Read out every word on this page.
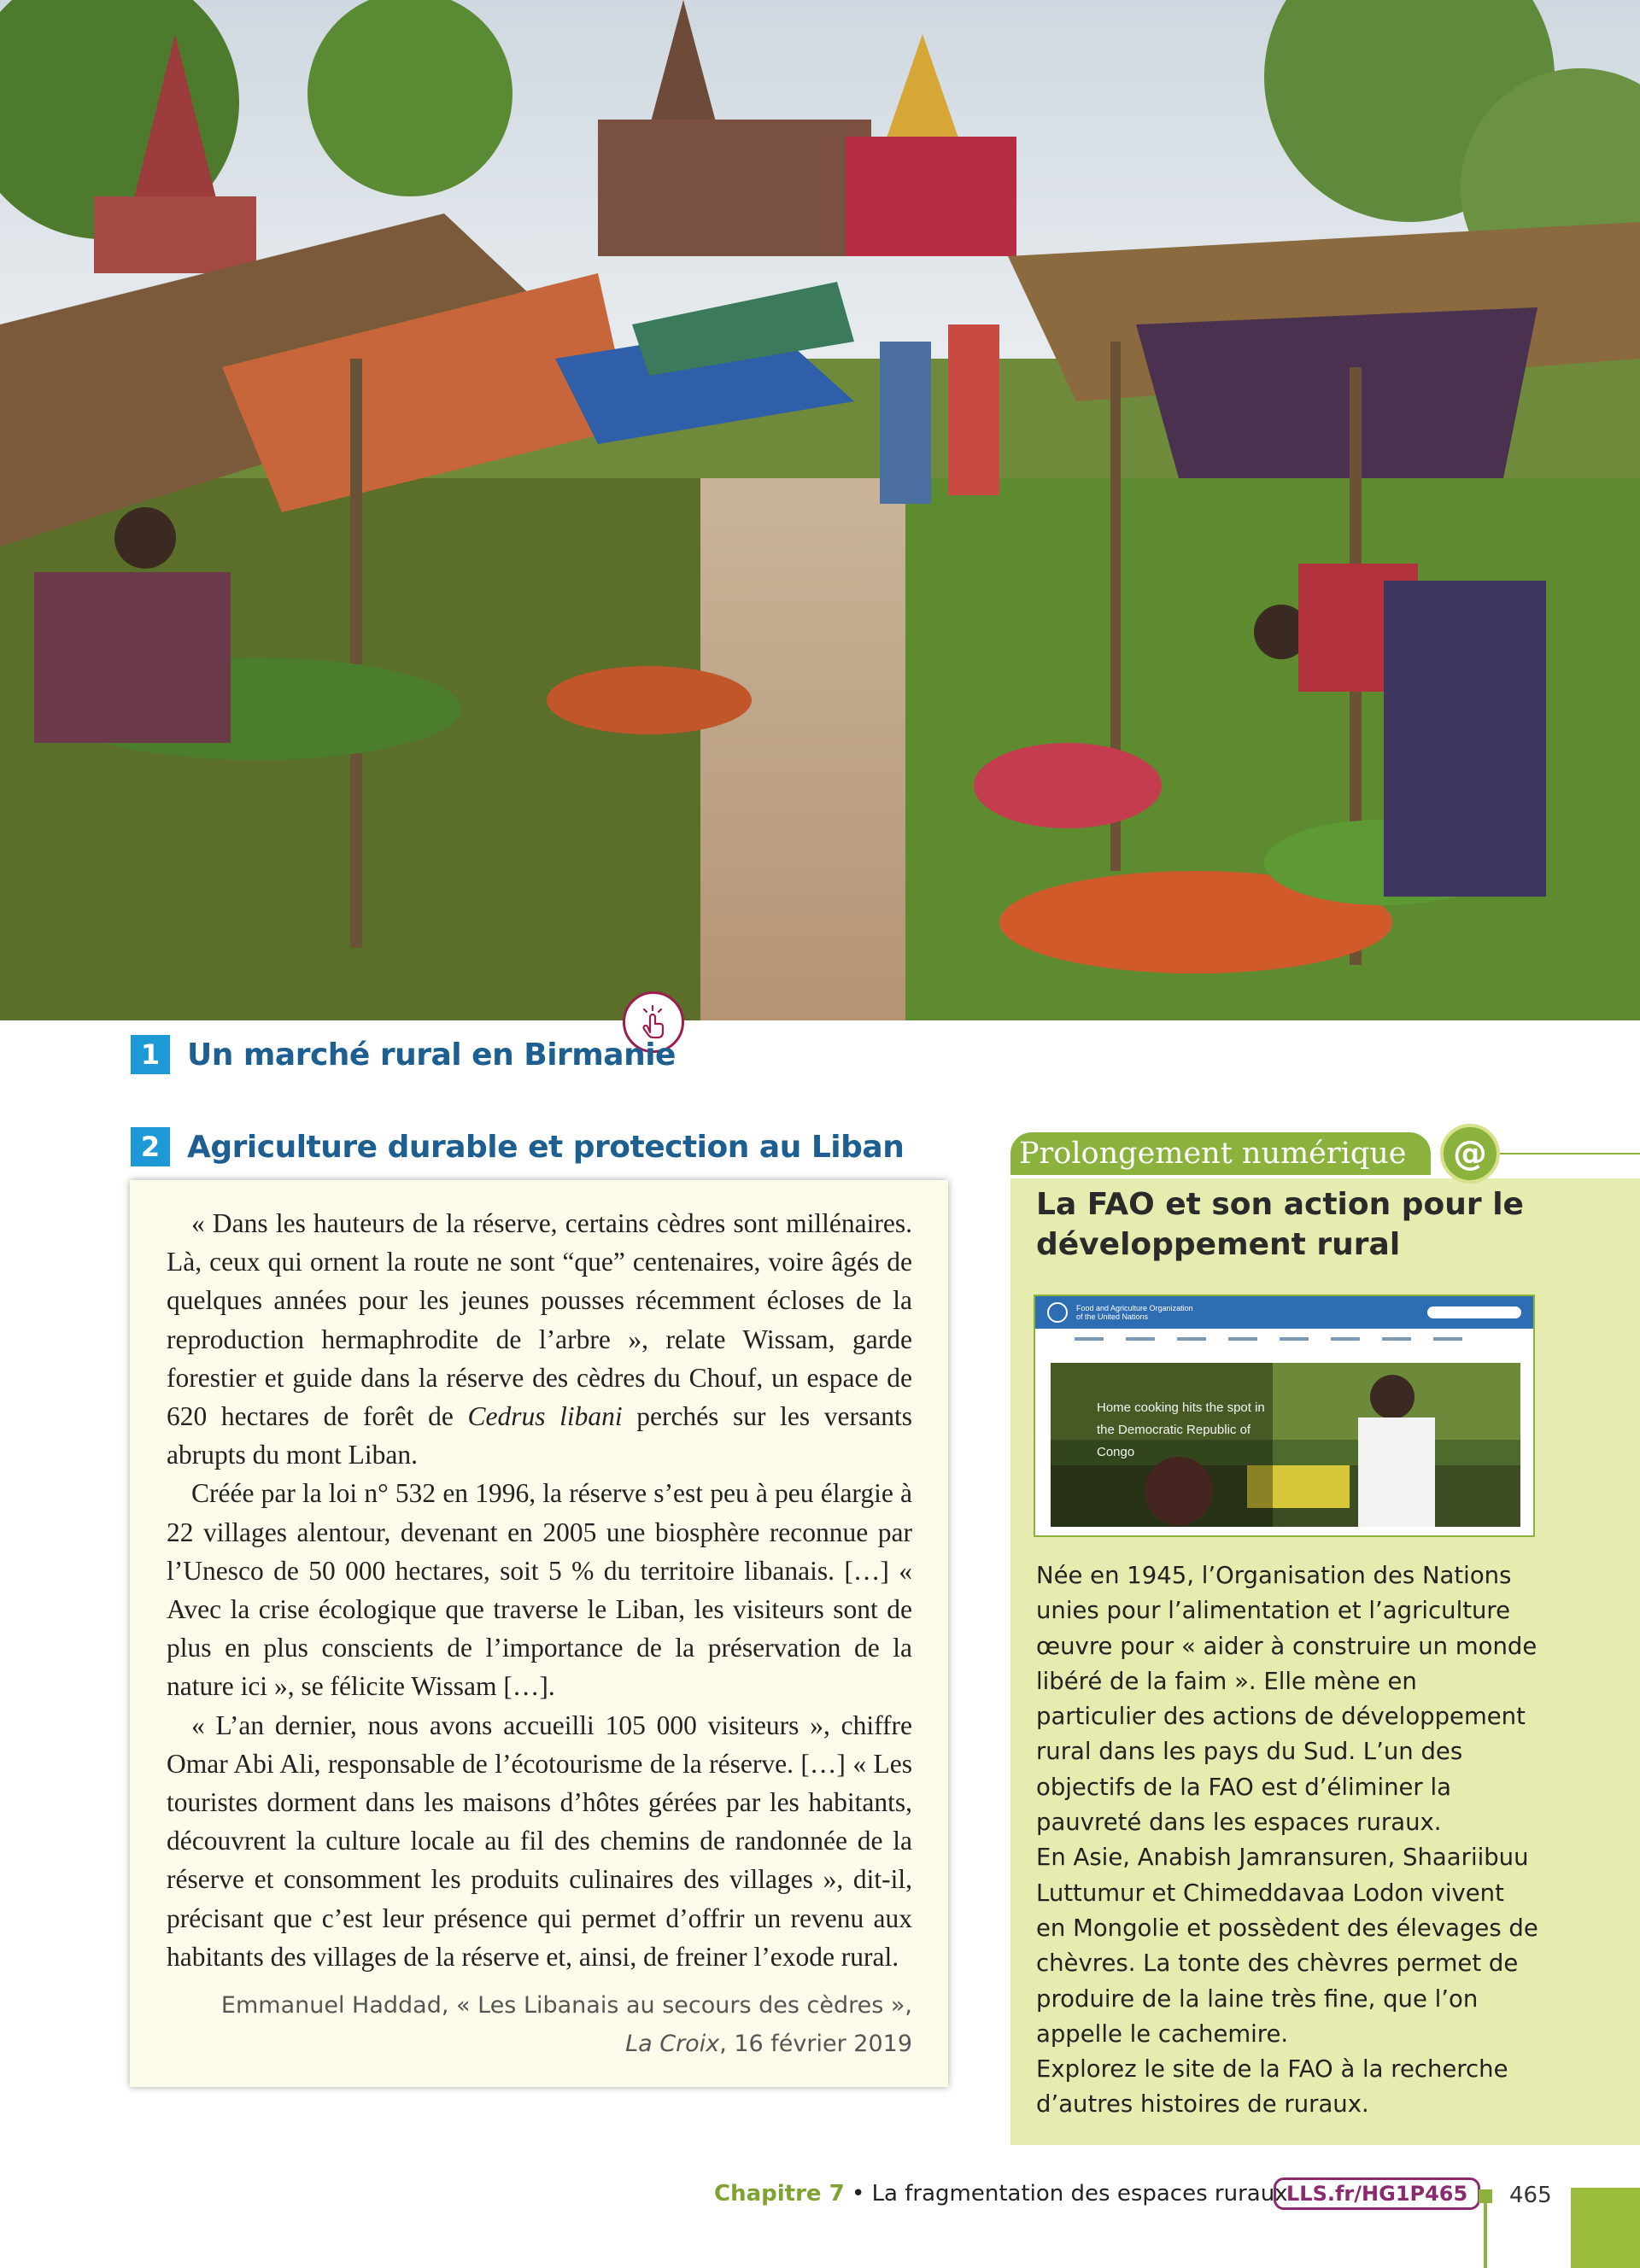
1 Un marché rural en Birmanie
2 Agriculture durable et protection au Liban

« Dans les hauteurs de la réserve, certains cèdres sont millénaires. Là, ceux qui ornent la route ne sont “que” centenaires, voire âgés de quelques années pour les jeunes pousses récemment écloses de la reproduction hermaphrodite de l’arbre », relate Wissam, garde forestier et guide dans la réserve des cèdres du Chouf, un espace de 620 hectares de forêt de Cedrus libani perchés sur les versants abrupts du mont Liban.

Créée par la loi n° 532 en 1996, la réserve s’est peu à peu élargie à 22 villages alentour, devenant en 2005 une biosphère reconnue par l’Unesco de 50 000 hectares, soit 5 % du territoire libanais. […] « Avec la crise écologique que traverse le Liban, les visiteurs sont de plus en plus conscients de l’importance de la préservation de la nature ici », se félicite Wissam […].

« L’an dernier, nous avons accueilli 105 000 visiteurs », chiffre Omar Abi Ali, responsable de l’écotourisme de la réserve. […] « Les touristes dorment dans les maisons d’hôtes gérées par les habitants, découvrent la culture locale au fil des chemins de randonnée de la réserve et consomment les produits culinaires des villages », dit-il, précisant que c’est leur présence qui permet d’offrir un revenu aux habitants des villages de la réserve et, ainsi, de freiner l’exode rural.

Emmanuel Haddad, « Les Libanais au secours des cèdres »,
La Croix, 16 février 2019
Prolongement numérique	@
La FAO et son action pour le développement rural
Food and Agriculture Organization of the United Nations
Home cooking hits the spot in the Democratic Republic of Congo

Née en 1945, l’Organisation des Nations unies pour l’alimentation et l’agriculture œuvre pour « aider à construire un monde libéré de la faim ». Elle mène en particulier des actions de développement rural dans les pays du Sud. L’un des objectifs de la FAO est d’éliminer la pauvreté dans les espaces ruraux.

En Asie, Anabish Jamransuren, Shaariibuu Luttumur et Chimeddavaa Lodon vivent en Mongolie et possèdent des élevages de chèvres. La tonte des chèvres permet de produire de la laine très fine, que l’on appelle le cachemire.

Explorez le site de la FAO à la recherche d’autres histoires de ruraux.

Chapitre 7 • La fragmentation des espaces ruraux
LLS.fr/HG1P465	465
